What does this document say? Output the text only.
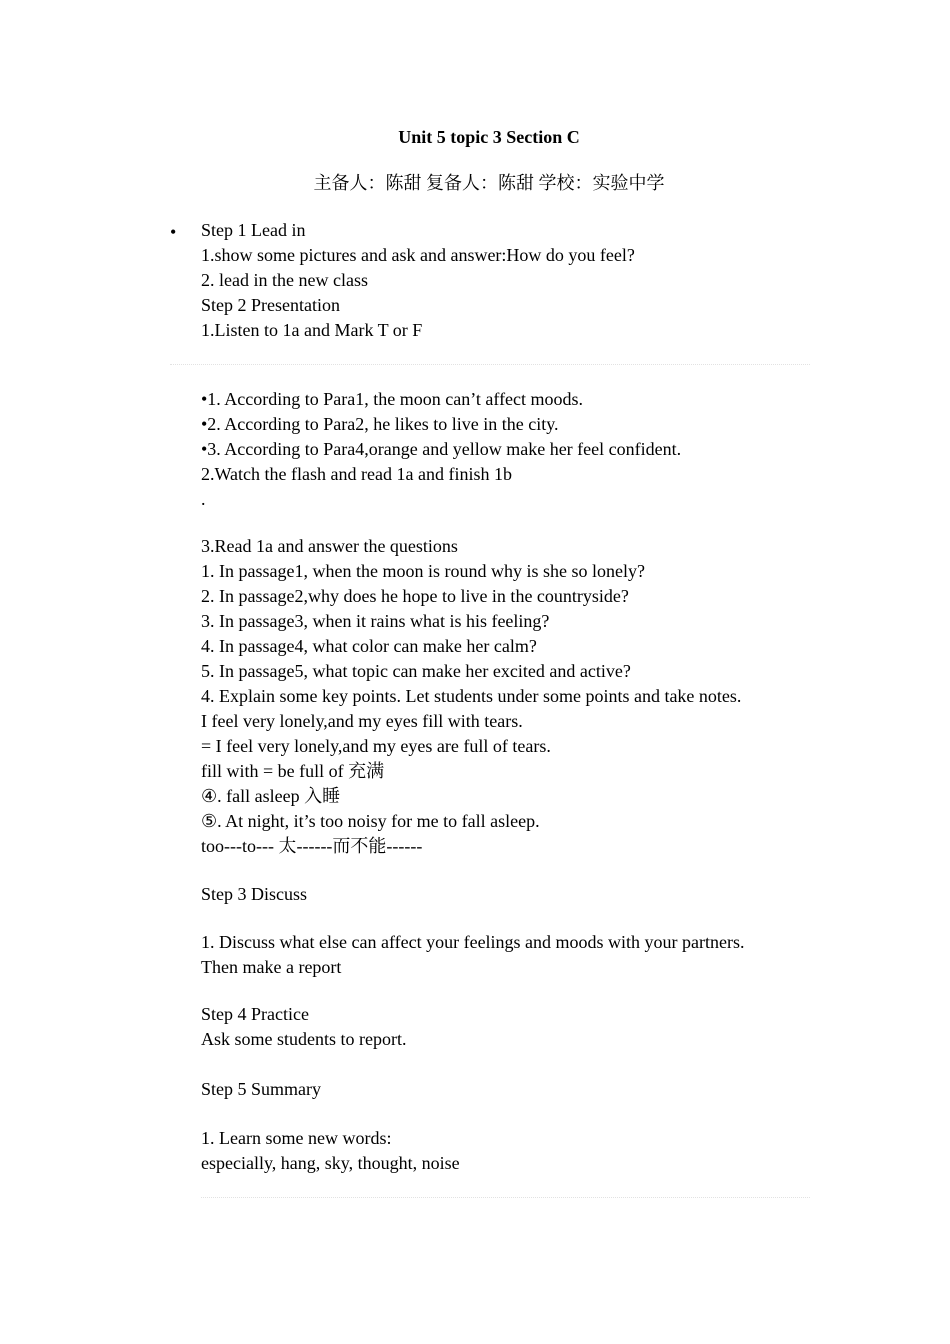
Unit 5 topic 3 Section C
主备人：陈甜 复备人：陈甜 学校：实验中学
• Step 1 Lead in
1.show some pictures and ask and answer:How do you feel?
2. lead in the new class
Step 2 Presentation
1.Listen to 1a and Mark T or F
•1. According to Para1, the moon can’t affect moods.
•2. According to Para2, he likes to live in the city.
•3. According to Para4,orange and yellow make her feel confident.
2.Watch the flash and read 1a and finish 1b
.
3.Read 1a and answer the questions
1. In passage1, when the moon is round why is she so lonely?
2. In passage2,why does he hope to live in the countryside?
3. In passage3, when it rains what is his feeling?
4. In passage4, what color can make her calm?
5. In passage5, what topic can make her excited and active?
4. Explain some key points. Let students under some points and take notes.
I feel very lonely,and my eyes fill with tears.
= I feel very lonely,and my eyes are full of tears.
fill with = be full of 充满
④. fall asleep 入睡
⑤. At night, it’s too noisy for me to fall asleep.
too---to--- 太------而不能------
Step 3 Discuss
1. Discuss what else can affect your feelings and moods with your partners.
Then make a report
Step 4 Practice
Ask some students to report.
Step 5 Summary
1. Learn some new words:
especially, hang, sky, thought, noise
